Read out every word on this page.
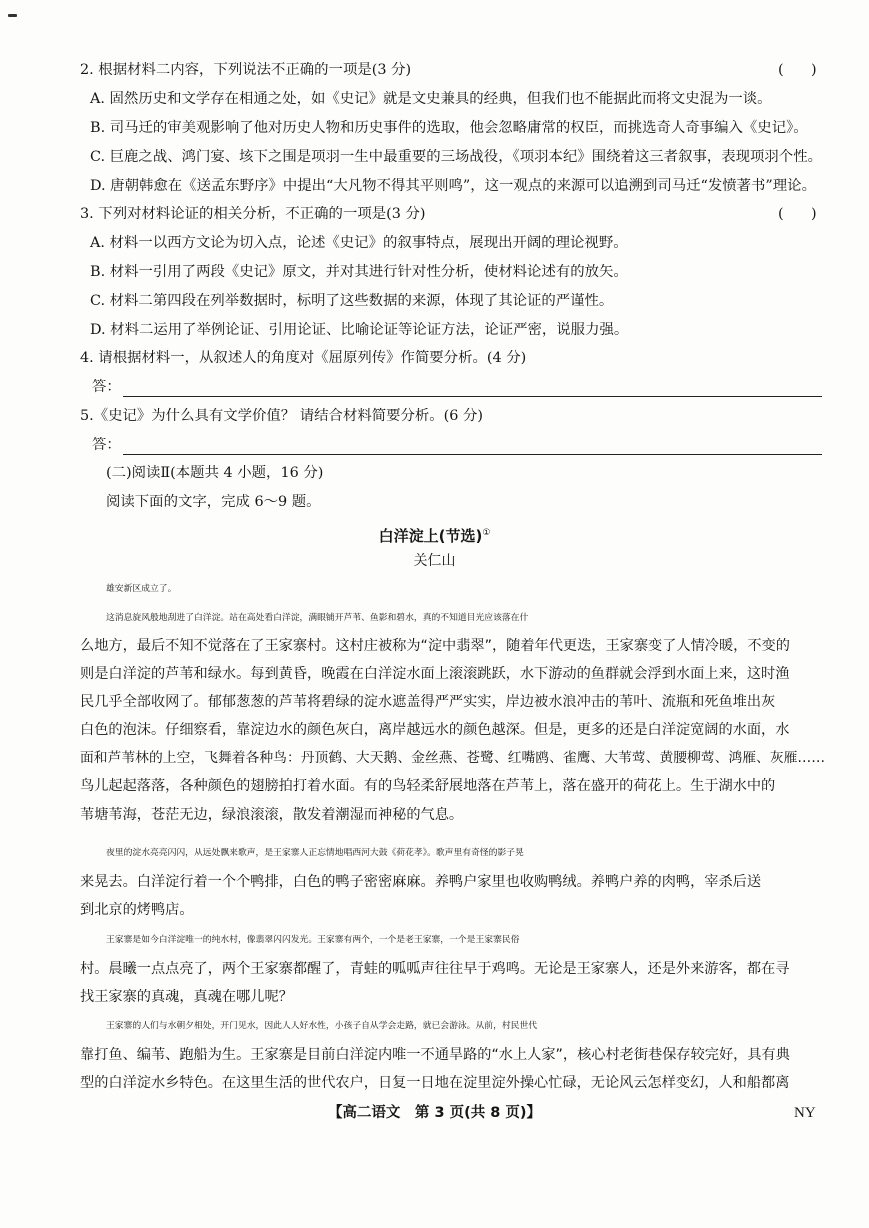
2. 根据材料二内容，下列说法不正确的一项是(3 分)	(      )
A. 固然历史和文学存在相通之处，如《史记》就是文史兼具的经典，但我们也不能据此而将文史混为一谈。
B. 司马迁的审美观影响了他对历史人物和历史事件的选取，他会忽略庸常的权臣，而挑选奇人奇事编入《史记》。
C. 巨鹿之战、鸿门宴、垓下之围是项羽一生中最重要的三场战役，《项羽本纪》围绕着这三者叙事，表现项羽个性。
D. 唐朝韩愈在《送孟东野序》中提出“大凡物不得其平则鸣”，这一观点的来源可以追溯到司马迁“发愤著书”理论。
3. 下列对材料论证的相关分析，不正确的一项是(3 分)	(      )
A. 材料一以西方文论为切入点，论述《史记》的叙事特点，展现出开阔的理论视野。
B. 材料一引用了两段《史记》原文，并对其进行针对性分析，使材料论述有的放矢。
C. 材料二第四段在列举数据时，标明了这些数据的来源，体现了其论证的严谨性。
D. 材料二运用了举例论证、引用论证、比喻论证等论证方法，论证严密，说服力强。
4. 请根据材料一，从叙述人的角度对《屈原列传》作简要分析。(4 分)
答：
5.《史记》为什么具有文学价值？ 请结合材料简要分析。(6 分)
答：
(二)阅读Ⅱ(本题共 4 小题，16 分)
阅读下面的文字，完成 6～9 题。
白洋淀上(节选)①
关仁山
雄安新区成立了。
这消息旋风般地刮进了白洋淀。站在高处看白洋淀，满眼铺开芦苇、鱼影和碧水，真的不知道目光应该落在什
么地方，最后不知不觉落在了王家寨村。这村庄被称为“淀中翡翠”，随着年代更迭，王家寨变了人情冷暖，不变的
则是白洋淀的芦苇和绿水。每到黄昏，晚霞在白洋淀水面上滚滚跳跃，水下游动的鱼群就会浮到水面上来，这时渔
民几乎全部收网了。郁郁葱葱的芦苇将碧绿的淀水遮盖得严严实实，岸边被水浪冲击的苇叶、流瓶和死鱼堆出灰
白色的泡沫。仔细察看，靠淀边水的颜色灰白，离岸越远水的颜色越深。但是，更多的还是白洋淀宽阔的水面，水
面和芦苇林的上空，飞舞着各种鸟：丹顶鹤、大天鹅、金丝燕、苍鹭、红嘴鸥、雀鹰、大苇莺、黄腰柳莺、鸿雁、灰雁……
鸟儿起起落落，各种颜色的翅膀拍打着水面。有的鸟轻柔舒展地落在芦苇上，落在盛开的荷花上。生于湖水中的
苇塘苇海，苍茫无边，绿浪滚滚，散发着潮湿而神秘的气息。
夜里的淀水亮亮闪闪，从远处飘来歌声，是王家寨人正忘情地唱西河大鼓《荷花孝》。歌声里有奇怪的影子晃
来晃去。白洋淀行着一个个鸭排，白色的鸭子密密麻麻。养鸭户家里也收购鸭绒。养鸭户养的肉鸭，宰杀后送
到北京的烤鸭店。
王家寨是如今白洋淀唯一的纯水村，像翡翠闪闪发光。王家寨有两个，一个是老王家寨，一个是王家寨民俗
村。晨曦一点点亮了，两个王家寨都醒了，青蛙的呱呱声往往早于鸡鸣。无论是王家寨人，还是外来游客，都在寻
找王家寨的真魂，真魂在哪儿呢？
王家寨的人们与水朝夕相处，开门见水，因此人人好水性，小孩子自从学会走路，就已会游泳。从前，村民世代
靠打鱼、编苇、跑船为生。王家寨是目前白洋淀内唯一不通旱路的“水上人家”，核心村老街巷保存较完好，具有典
型的白洋淀水乡特色。在这里生活的世代农户，日复一日地在淀里淀外操心忙碌，无论风云怎样变幻，人和船都离
【高二语文　第 3 页(共 8 页)】	NY
